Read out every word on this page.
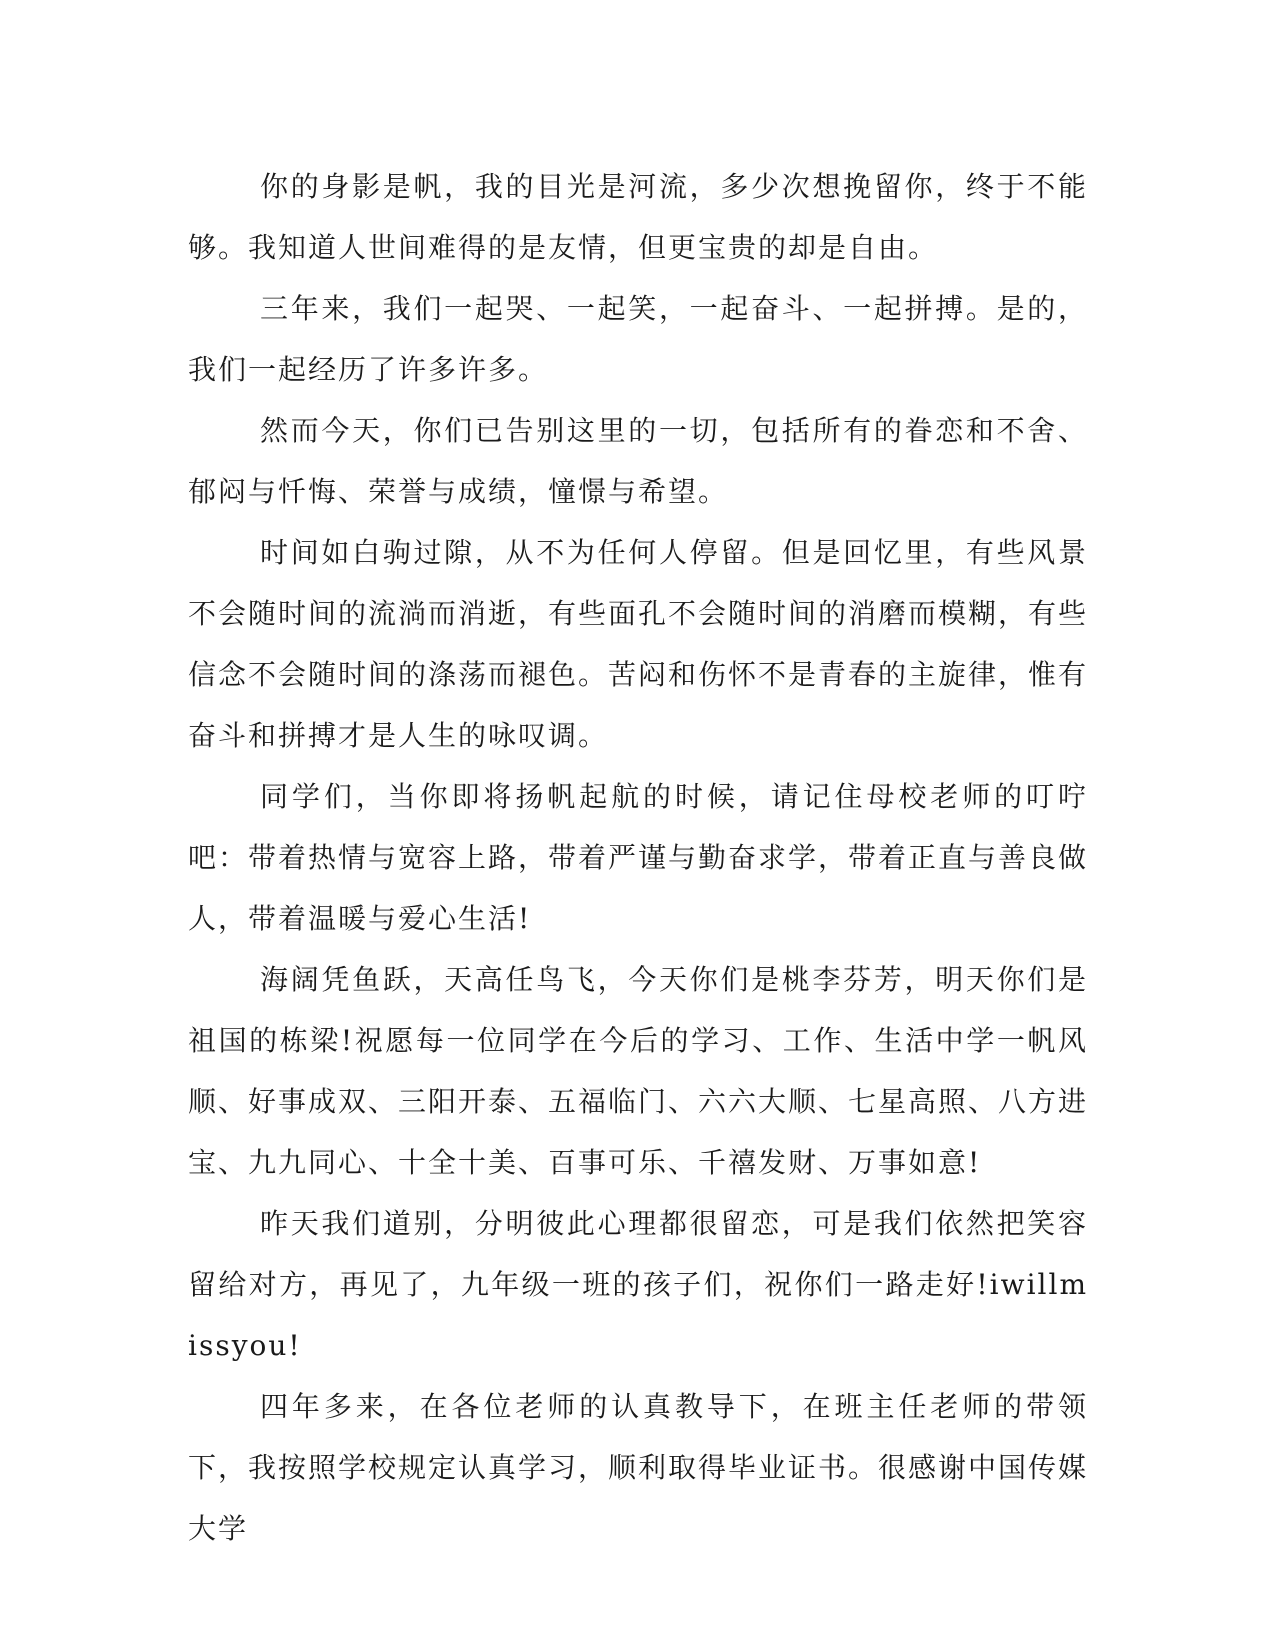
你的身影是帆，我的目光是河流，多少次想挽留你，终于不能够。我知道人世间难得的是友情，但更宝贵的却是自由。

三年来，我们一起哭、一起笑，一起奋斗、一起拼搏。是的，我们一起经历了许多许多。

然而今天，你们已告别这里的一切，包括所有的眷恋和不舍、郁闷与忏悔、荣誉与成绩，憧憬与希望。

时间如白驹过隙，从不为任何人停留。但是回忆里，有些风景不会随时间的流淌而消逝，有些面孔不会随时间的消磨而模糊，有些信念不会随时间的涤荡而褪色。苦闷和伤怀不是青春的主旋律，惟有奋斗和拼搏才是人生的咏叹调。

同学们，当你即将扬帆起航的时候，请记住母校老师的叮咛吧：带着热情与宽容上路，带着严谨与勤奋求学，带着正直与善良做人，带着温暖与爱心生活!

海阔凭鱼跃，天高任鸟飞，今天你们是桃李芬芳，明天你们是祖国的栋梁!祝愿每一位同学在今后的学习、工作、生活中学一帆风顺、好事成双、三阳开泰、五福临门、六六大顺、七星高照、八方进宝、九九同心、十全十美、百事可乐、千禧发财、万事如意!

昨天我们道别，分明彼此心理都很留恋，可是我们依然把笑容留给对方，再见了，九年级一班的孩子们，祝你们一路走好!iwillmissyou!

四年多来，在各位老师的认真教导下，在班主任老师的带领下，我按照学校规定认真学习，顺利取得毕业证书。很感谢中国传媒大学
